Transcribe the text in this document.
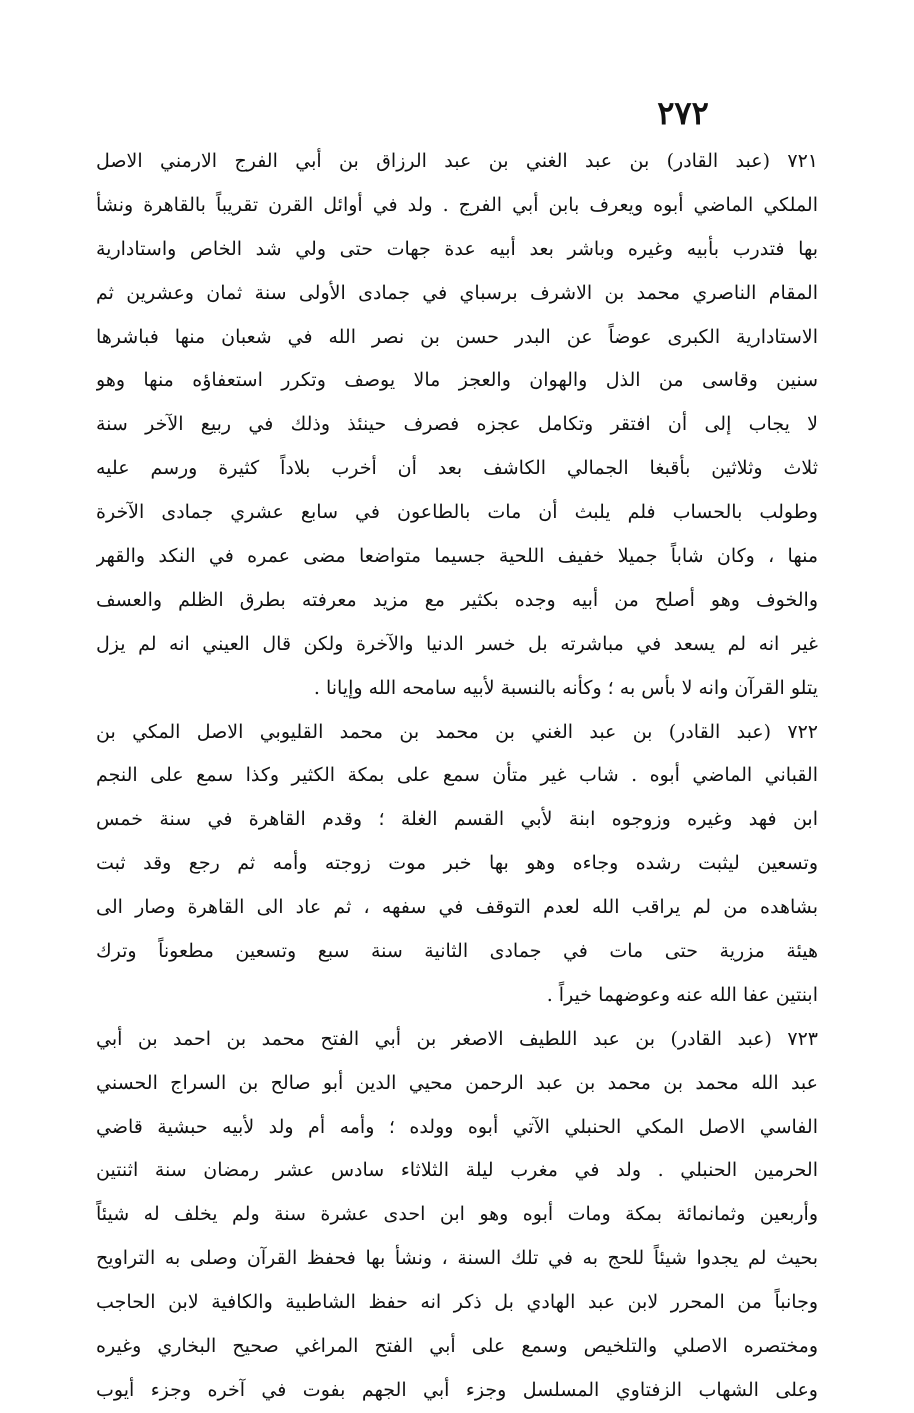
٢٧٢
٧٢١ (عبد القادر) بن عبد الغني بن عبد الرزاق بن أبي الفرج الارمني الاصل
الملكي الماضي أبوه ويعرف بابن أبي الفرج . ولد في أوائل القرن تقريباً بالقاهرة ونشأ
بها فتدرب بأبيه وغيره وباشر بعد أبيه عدة جهات حتى ولي شد الخاص واستادارية
المقام الناصري محمد بن الاشرف برسباي في جمادى الأولى سنة ثمان وعشرين ثم
الاستادارية الكبرى عوضاً عن البدر حسن بن نصر الله في شعبان منها فباشرها
سنين وقاسى من الذل والهوان والعجز مالا يوصف وتكرر استعفاؤه منها وهو
لا يجاب إلى أن افتقر وتكامل عجزه فصرف حينئذ وذلك في ربيع الآخر سنة
ثلاث وثلاثين بأقبغا الجمالي الكاشف بعد أن أخرب بلاداً كثيرة ورسم عليه
وطولب بالحساب فلم يلبث أن مات بالطاعون في سابع عشري جمادى الآخرة
منها ، وكان شاباً جميلا خفيف اللحية جسيما متواضعا مضى عمره في النكد والقهر
والخوف وهو أصلح من أبيه وجده بكثير مع مزيد معرفته بطرق الظلم والعسف
غير انه لم يسعد في مباشرته بل خسر الدنيا والآخرة ولكن قال العيني انه لم يزل
يتلو القرآن وانه لا بأس به ؛ وكأنه بالنسبة لأبيه سامحه الله وإيانا .
٧٢٢ (عبد القادر) بن عبد الغني بن محمد بن محمد القليوبي الاصل المكي بن
القباني الماضي أبوه . شاب غير متأن سمع على بمكة الكثير وكذا سمع على النجم
ابن فهد وغيره وزوجوه ابنة لأبي القسم الغلة ؛ وقدم القاهرة في سنة خمس
وتسعين ليثبت رشده وجاءه وهو بها خبر موت زوجته وأمه ثم رجع وقد ثبت
بشاهده من لم يراقب الله لعدم التوقف في سفهه ، ثم عاد الى القاهرة وصار الى
هيئة مزرية حتى مات في جمادى الثانية سنة سبع وتسعين مطعوناً وترك
ابنتين عفا الله عنه وعوضهما خيراً .
٧٢٣ (عبد القادر) بن عبد اللطيف الاصغر بن أبي الفتح محمد بن احمد بن أبي
عبد الله محمد بن محمد بن عبد الرحمن محيي الدين أبو صالح بن السراج الحسني
الفاسي الاصل المكي الحنبلي الآتي أبوه وولده ؛ وأمه أم ولد لأبيه حبشية قاضي
الحرمين الحنبلي . ولد في مغرب ليلة الثلاثاء سادس عشر رمضان سنة اثنتين
وأربعين وثمانمائة بمكة ومات أبوه وهو ابن احدى عشرة سنة ولم يخلف له شيئاً
بحيث لم يجدوا شيئاً للحج به في تلك السنة ، ونشأ بها فحفظ القرآن وصلى به التراويح
وجانباً من المحرر لابن عبد الهادي بل ذكر انه حفظ الشاطبية والكافية لابن الحاجب
ومختصره الاصلي والتلخيص وسمع على أبي الفتح المراغي صحيح البخاري وغيره
وعلى الشهاب الزفتاوي المسلسل وجزء أبي الجهم بفوت في آخره وجزء أيوب
